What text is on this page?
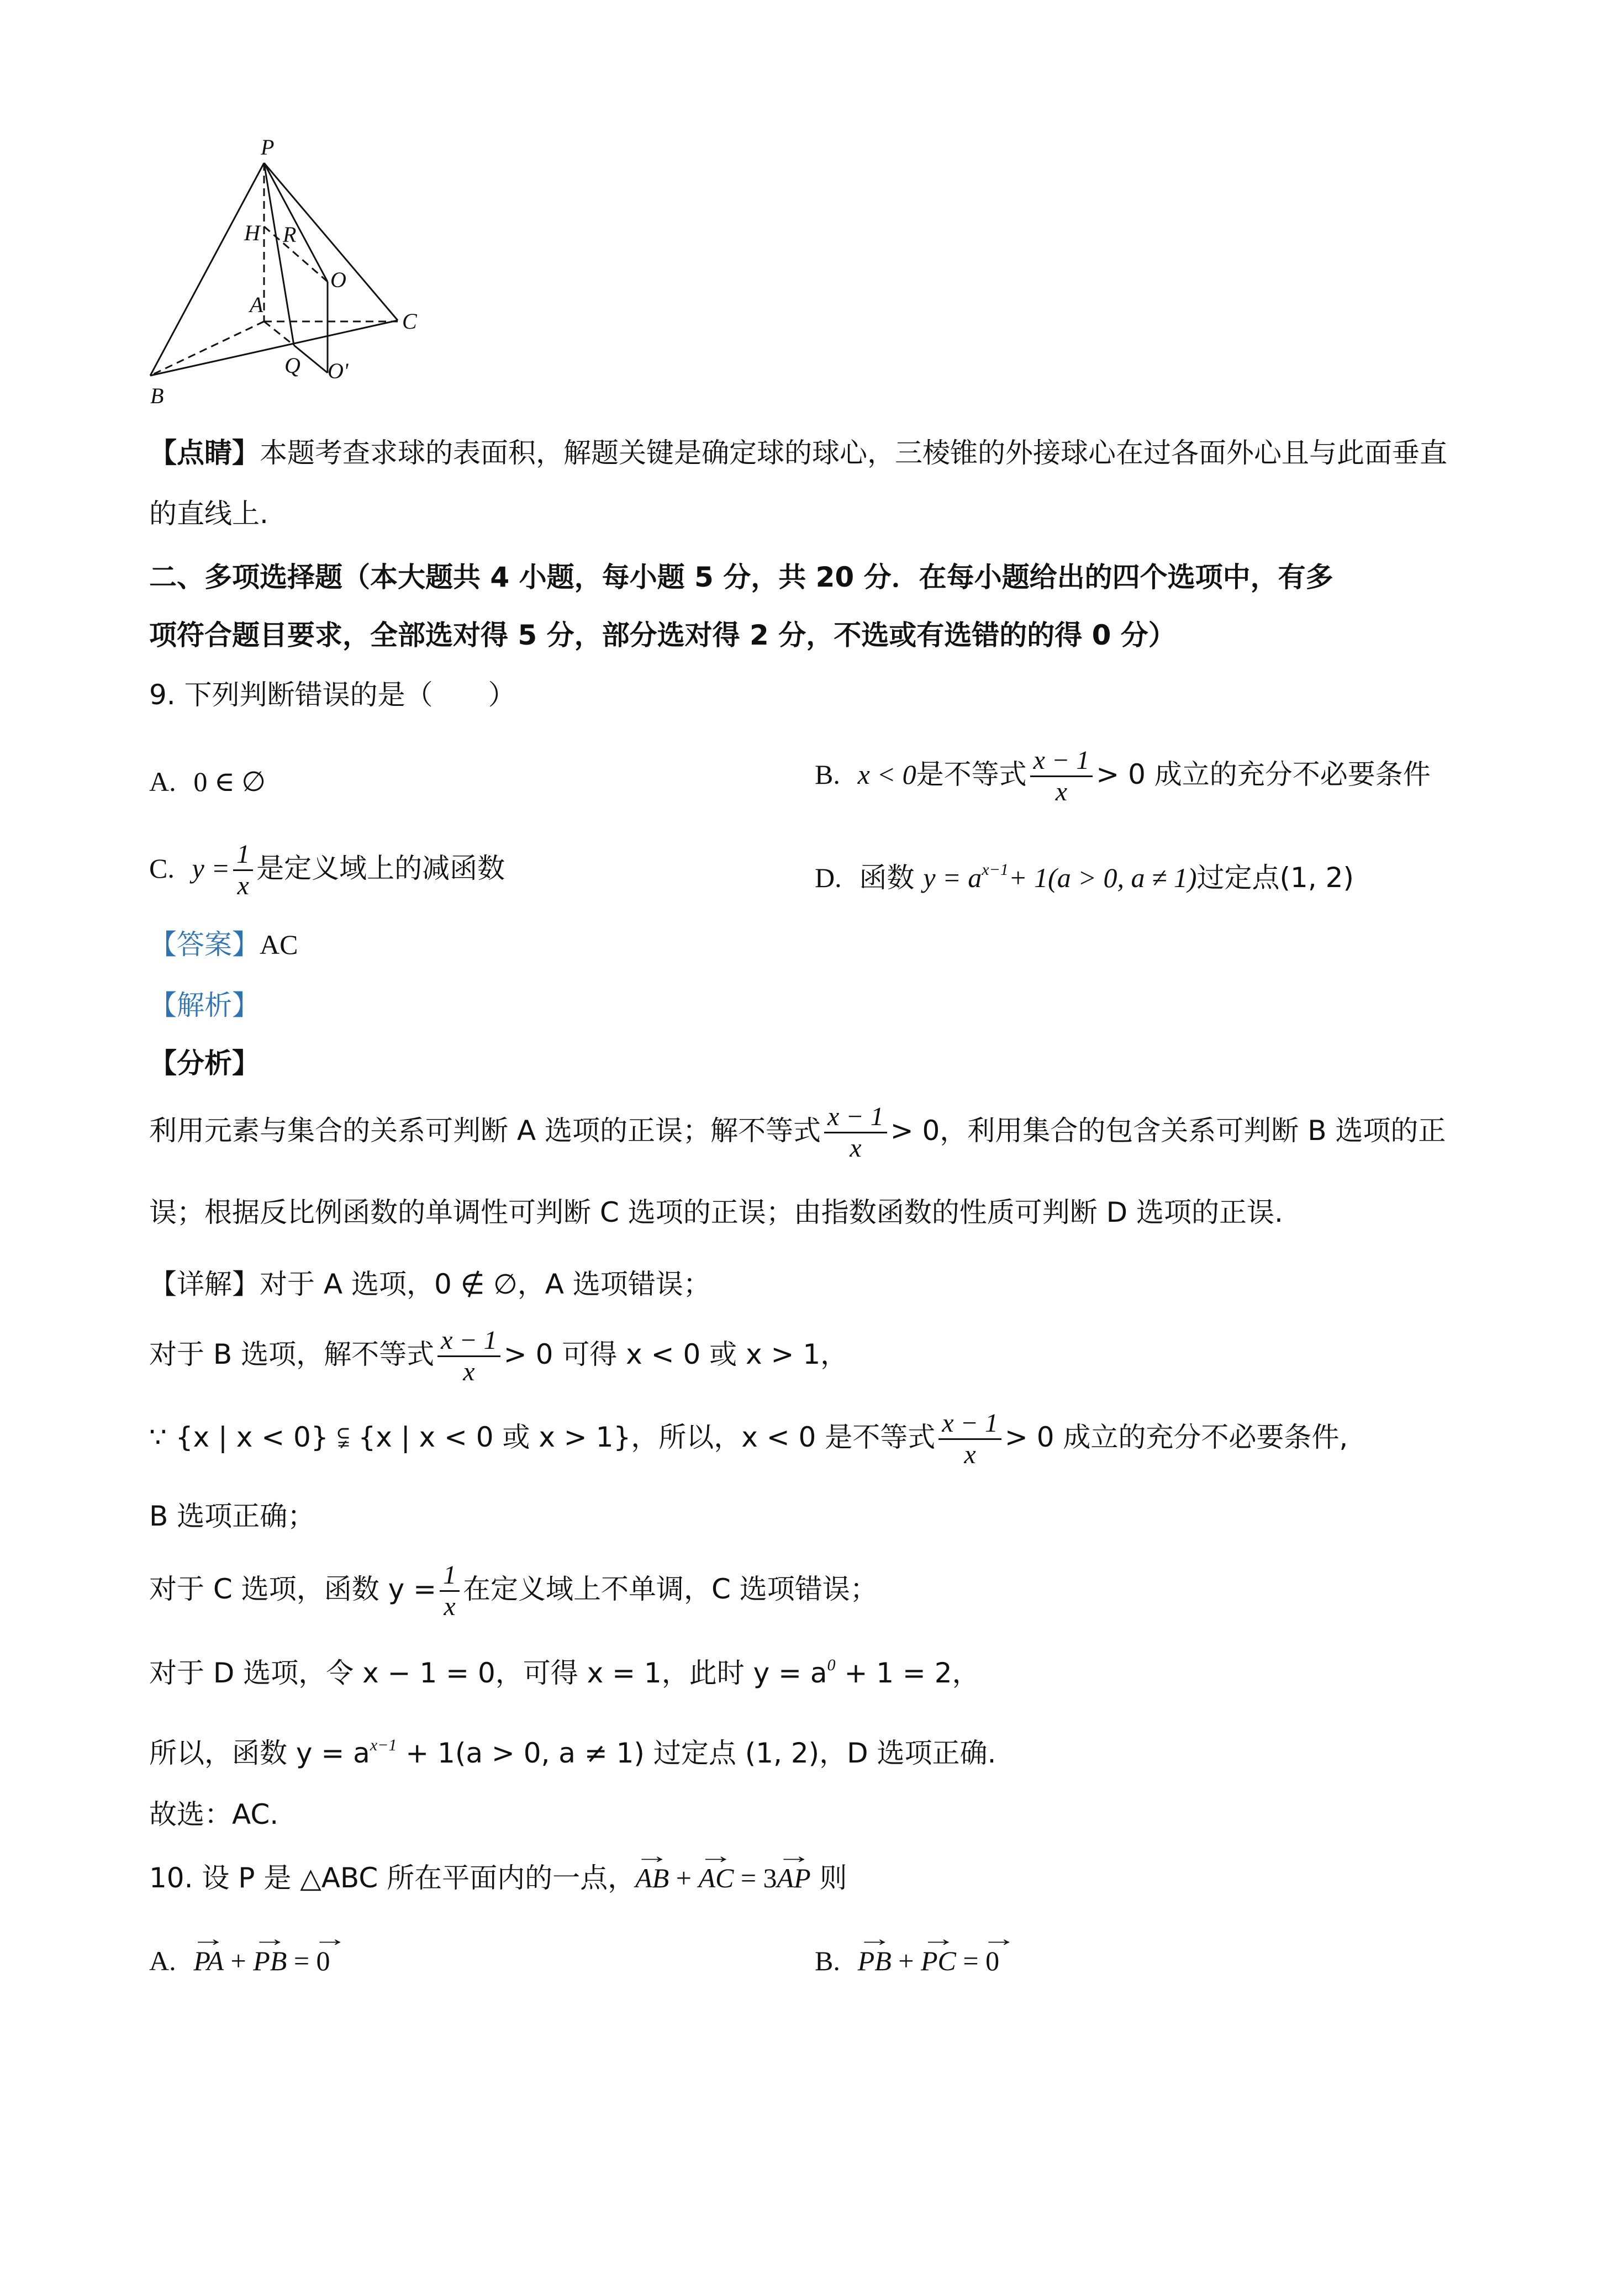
P
H R
O
A
C
B
Q O'
【点睛】本题考查求球的表面积，解题关键是确定球的球心，三棱锥的外接球心在过各面外心且与此面垂直
的直线上.
二、多项选择题（本大题共 4 小题，每小题 5 分，共 20 分．在每小题给出的四个选项中，有多
项符合题目要求，全部选对得 5 分，部分选对得 2 分，不选或有选错的的得 0 分）
9. 下列判断错误的是（　　）
A. 0 ∈ ∅	B. x < 0是不等式 $\frac{x - 1}{x} > 0$ 成立的充分不必要条件
C. $y = \frac{1}{x}$ 是定义域上的减函数	D. 函数 $y = a^{x-1}+ 1(a > 0$, a ≠ 1)过定点(1, 2)
【答案】AC
【解析】
【分析】
利用元素与集合的关系可判断 A 选项的正误；解不等式 $\frac{x - 1}{x} > 0$，利用集合的包含关系可判断 B 选项的正
误；根据反比例函数的单调性可判断 C 选项的正误；由指数函数的性质可判断 D 选项的正误.
【详解】对于 A 选项，0 ∉ ∅，A 选项错误；
对于 B 选项，解不等式 $\frac{x - 1}{x} > 0$ 可得 x < 0 或 x > 1，
∵ {x | x < 0} ⫋ {x | x < 0 或 x > 1}，所以，x < 0 是不等式 $\frac{x - 1}{x} > 0$ 成立的充分不必要条件,
B 选项正确；
对于 C 选项，函数 $y = \frac{1}{x}$ 在定义域上不单调，C 选项错误；
对于 D 选项，令 x − 1 = 0，可得 x = 1，此时 $y = a^0 + 1 = 2$，
所以，函数 $y = a^{x-1} + 1(a > 0$, a ≠ 1) 过定点 (1, 2)，D 选项正确.
故选：AC.
10. 设 P 是 △ABC 所在平面内的一点，→ AB + → AC = 3→ AP 则
A. → PA + → PB = → 0	B. → PB + → PC = → 0
